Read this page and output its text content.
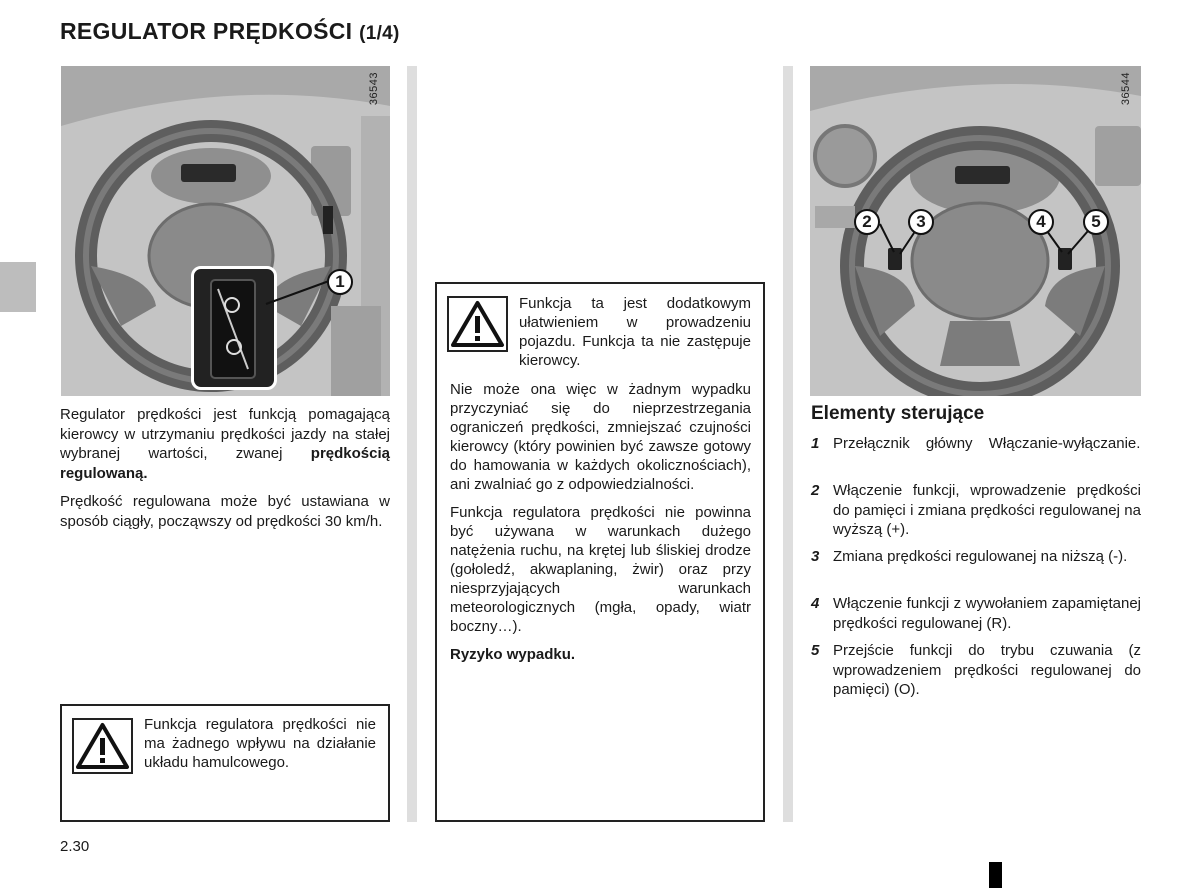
REGULATOR PRĘDKOŚCI (1/4)
1
36543

Regulator prędkości jest funkcją pomagającą kierowcy w utrzymaniu prędkości jazdy na stałej wybranej wartości, zwanej prędkością regulowaną.

Prędkość regulowana może być ustawiana w sposób ciągły, począwszy od prędkości 30 km/h.

Funkcja regulatora prędkości nie ma żadnego wpływu na działanie układu hamulcowego.
Funkcja ta jest dodatkowym ułatwieniem w prowadzeniu pojazdu. Funkcja ta nie zastępuje kierowcy.

Nie może ona więc w żadnym wypadku przyczyniać się do nieprzestrzegania ograniczeń prędkości, zmniejszać czujności kierowcy (który powinien być zawsze gotowy do hamowania w każdych okolicznościach), ani zwalniać go z odpowiedzialności.

Funkcja regulatora prędkości nie powinna być używana w warunkach dużego natężenia ruchu, na krętej lub śliskiej drodze (gołoledź, akwaplaning, żwir) oraz przy niesprzyjających warunkach meteorologicznych (mgła, opady, wiatr boczny…).

Ryzyko wypadku.

2	3	4	5
36544
Elementy sterujące
1 Przełącznik główny Włączanie-wyłączanie.
2 Włączenie funkcji, wprowadzenie prędkości do pamięci i zmiana prędkości regulowanej na wyższą (+).
3 Zmiana prędkości regulowanej na niższą (-).
4 Włączenie funkcji z wywołaniem zapamiętanej prędkości regulowanej (R).
5 Przejście funkcji do trybu czuwania (z wprowadzeniem prędkości regulowanej do pamięci) (O).
2.30
